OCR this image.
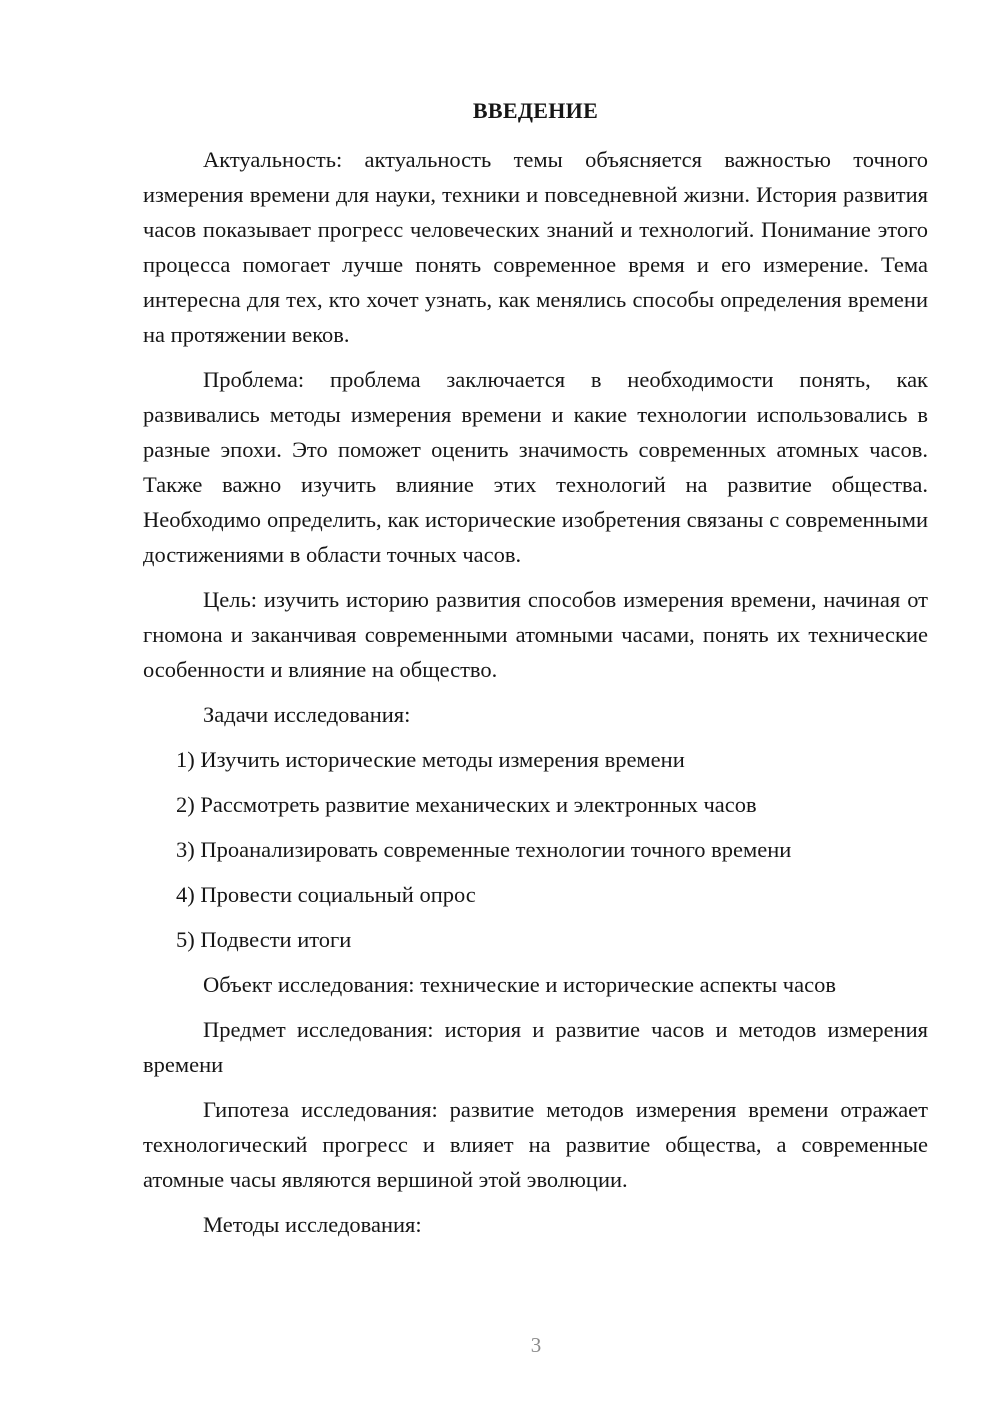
ВВЕДЕНИЕ

Актуальность: актуальность темы объясняется важностью точного измерения времени для науки, техники и повседневной жизни. История развития часов показывает прогресс человеческих знаний и технологий. Понимание этого процесса помогает лучше понять современное время и его измерение. Тема интересна для тех, кто хочет узнать, как менялись способы определения времени на протяжении веков.

Проблема: проблема заключается в необходимости понять, как развивались методы измерения времени и какие технологии использовались в разные эпохи. Это поможет оценить значимость современных атомных часов. Также важно изучить влияние этих технологий на развитие общества. Необходимо определить, как исторические изобретения связаны с современными достижениями в области точных часов.

Цель: изучить историю развития способов измерения времени, начиная от гномона и заканчивая современными атомными часами, понять их технические особенности и влияние на общество.

Задачи исследования:

1) Изучить исторические методы измерения времени

2) Рассмотреть развитие механических и электронных часов

3) Проанализировать современные технологии точного времени

4) Провести социальный опрос

5) Подвести итоги

Объект исследования: технические и исторические аспекты часов

Предмет исследования: история и развитие часов и методов измерения времени

Гипотеза исследования: развитие методов измерения времени отражает технологический прогресс и влияет на развитие общества, а современные атомные часы являются вершиной этой эволюции.

Методы исследования:

3
